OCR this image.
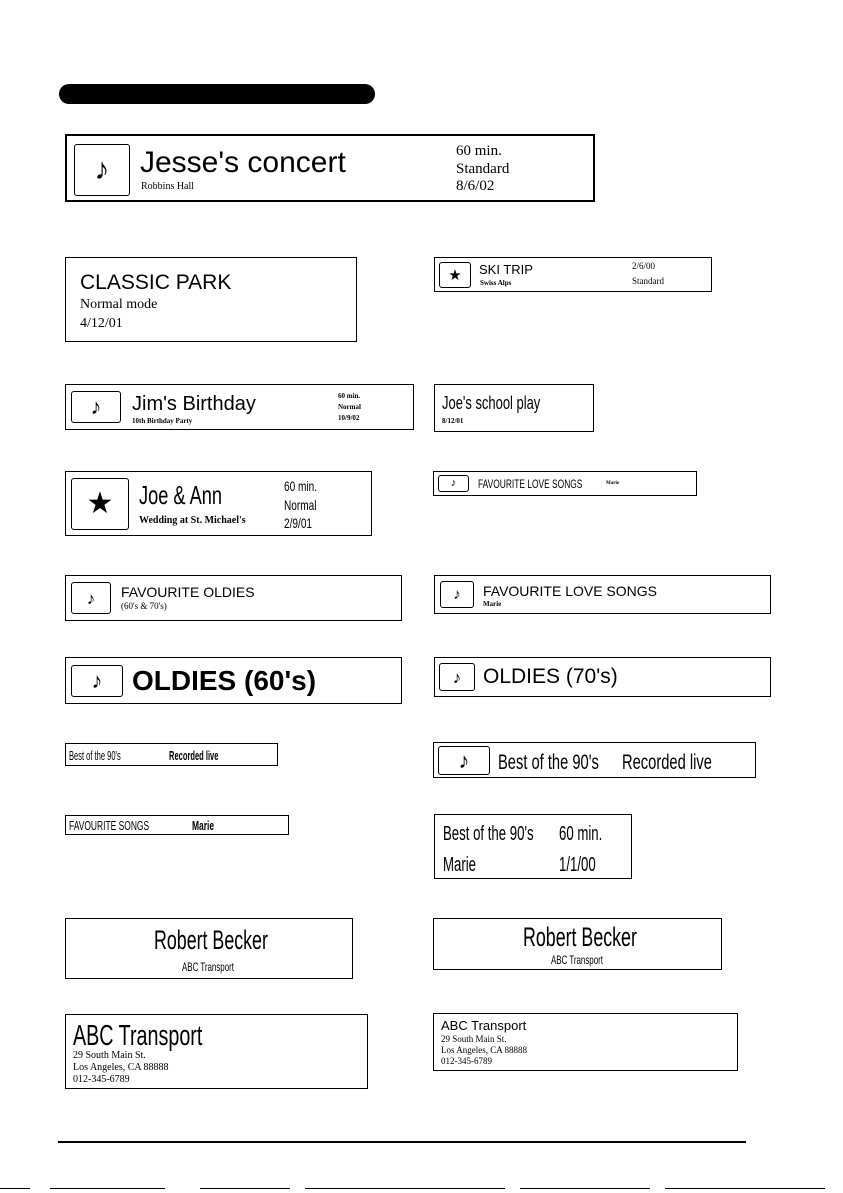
♪	Jesse's concert
Robbins Hall
60 min.
Standard
8/6/02
CLASSIC PARK
Normal mode
4/12/01
★	SKI TRIP
Swiss Alps
2/6/00
Standard
♪	Jim's Birthday
10th Birthday Party
60 min.
Normal
10/9/02
Joe's school play
8/12/01
★ Joe & Ann
Wedding at St. Michael's
60 min.
Normal
2/9/01
♪	FAVOURITE LOVE SONGS	Marie
♪	FAVOURITE OLDIES
(60's & 70's)
♪	FAVOURITE LOVE SONGS
Marie
♪	OLDIES (60's)	♪	OLDIES (70's)
Best of the 90's	Recorded live	♪	Best of the 90's Recorded live
FAVOURITE SONGS	Marie	Best of the 90's 60 min.
Marie	1/1/00
Robert Becker
ABC Transport
Robert Becker
ABC Transport
ABC Transport
29 South Main St.
Los Angeles, CA 88888
012-345-6789
ABC Transport
29 South Main St.
Los Angeles, CA 88888
012-345-6789
